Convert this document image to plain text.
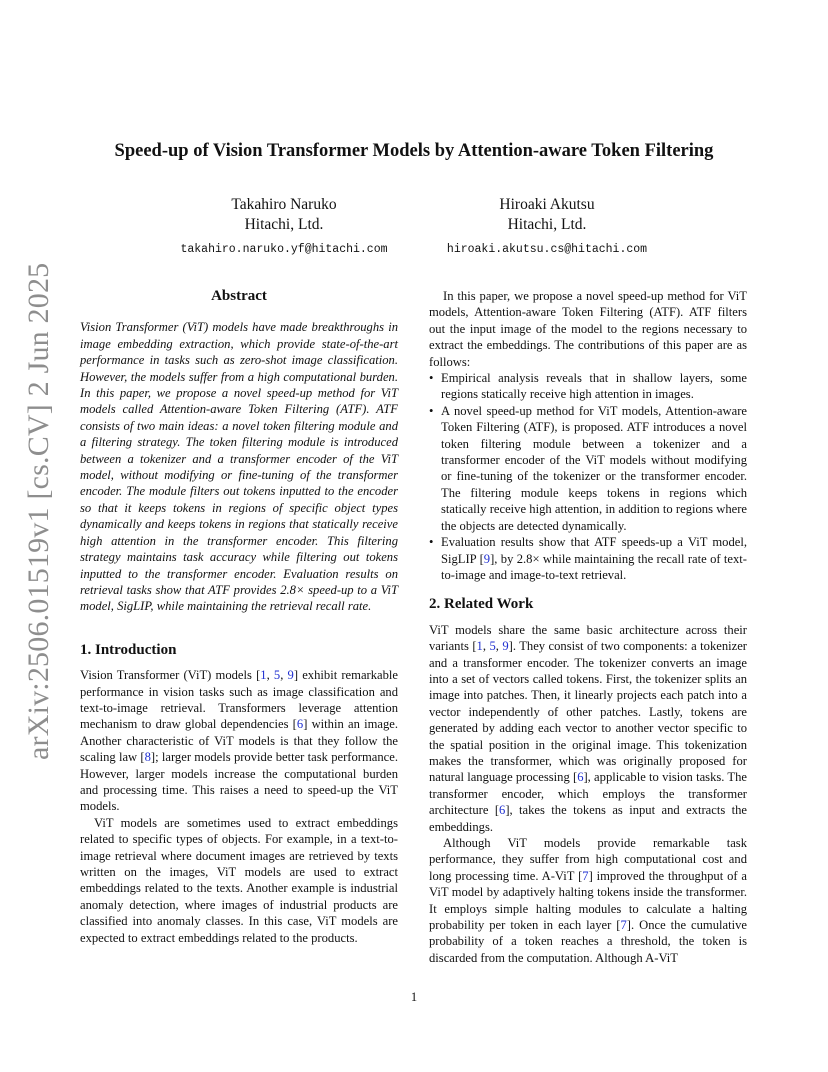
arXiv:2506.01519v1 [cs.CV] 2 Jun 2025
Speed-up of Vision Transformer Models by Attention-aware Token Filtering
Takahiro Naruko
Hitachi, Ltd.
takahiro.naruko.yf@hitachi.com
Hiroaki Akutsu
Hitachi, Ltd.
hiroaki.akutsu.cs@hitachi.com
Abstract

Vision Transformer (ViT) models have made breakthroughs in image embedding extraction, which provide state-of-the-art performance in tasks such as zero-shot image classification. However, the models suffer from a high computational burden. In this paper, we propose a novel speed-up method for ViT models called Attention-aware Token Filtering (ATF). ATF consists of two main ideas: a novel token filtering module and a filtering strategy. The token filtering module is introduced between a tokenizer and a transformer encoder of the ViT model, without modifying or fine-tuning of the transformer encoder. The module filters out tokens inputted to the encoder so that it keeps tokens in regions of specific object types dynamically and keeps tokens in regions that statically receive high attention in the transformer encoder. This filtering strategy maintains task accuracy while filtering out tokens inputted to the transformer encoder. Evaluation results on retrieval tasks show that ATF provides 2.8× speed-up to a ViT model, SigLIP, while maintaining the retrieval recall rate.

1. Introduction

Vision Transformer (ViT) models [1, 5, 9] exhibit remarkable performance in vision tasks such as image classification and text-to-image retrieval. Transformers leverage attention mechanism to draw global dependencies [6] within an image. Another characteristic of ViT models is that they follow the scaling law [8]; larger models provide better task performance. However, larger models increase the computational burden and processing time. This raises a need to speed-up the ViT models.

ViT models are sometimes used to extract embeddings related to specific types of objects. For example, in a text-to-image retrieval where document images are retrieved by texts written on the images, ViT models are used to extract embeddings related to the texts. Another example is industrial anomaly detection, where images of industrial products are classified into anomaly classes. In this case, ViT models are expected to extract embeddings related to the products.

In this paper, we propose a novel speed-up method for ViT models, Attention-aware Token Filtering (ATF). ATF filters out the input image of the model to the regions necessary to extract the embeddings. The contributions of this paper are as follows:

• Empirical analysis reveals that in shallow layers, some regions statically receive high attention in images.
• A novel speed-up method for ViT models, Attention-aware Token Filtering (ATF), is proposed. ATF introduces a novel token filtering module between a tokenizer and a transformer encoder of the ViT models without modifying or fine-tuning of the tokenizer or the transformer encoder. The filtering module keeps tokens in regions which statically receive high attention, in addition to regions where the objects are detected dynamically.
• Evaluation results show that ATF speeds-up a ViT model, SigLIP [9], by 2.8× while maintaining the recall rate of text-to-image and image-to-text retrieval.
2. Related Work

ViT models share the same basic architecture across their variants [1, 5, 9]. They consist of two components: a tokenizer and a transformer encoder. The tokenizer converts an image into a set of vectors called tokens. First, the tokenizer splits an image into patches. Then, it linearly projects each patch into a vector independently of other patches. Lastly, tokens are generated by adding each vector to another vector specific to the spatial position in the original image. This tokenization makes the transformer, which was originally proposed for natural language processing [6], applicable to vision tasks. The transformer encoder, which employs the transformer architecture [6], takes the tokens as input and extracts the embeddings.

Although ViT models provide remarkable task performance, they suffer from high computational cost and long processing time. A-ViT [7] improved the throughput of a ViT model by adaptively halting tokens inside the transformer. It employs simple halting modules to calculate a halting probability per token in each layer [7]. Once the cumulative probability of a token reaches a threshold, the token is discarded from the computation. Although A-ViT

1
